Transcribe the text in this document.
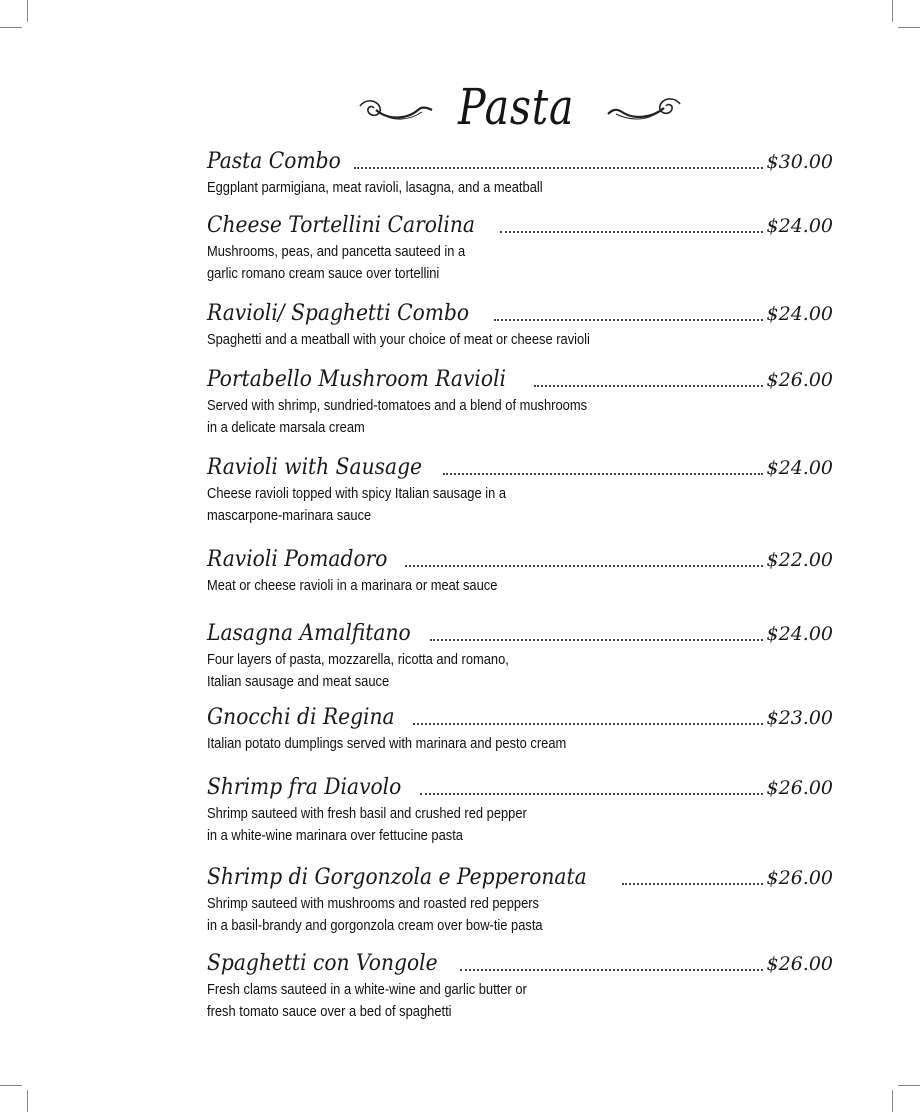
Pasta
Pasta Combo	$30.00
Eggplant parmigiana, meat ravioli, lasagna, and a meatball
Cheese Tortellini Carolina	$24.00
Mushrooms, peas, and pancetta sauteed in a
garlic romano cream sauce over tortellini
Ravioli/ Spaghetti Combo	$24.00
Spaghetti and a meatball with your choice of meat or cheese ravioli
Portabello Mushroom Ravioli	$26.00
Served with shrimp, sundried-tomatoes and a blend of mushrooms
in a delicate marsala cream
Ravioli with Sausage	$24.00
Cheese ravioli topped with spicy Italian sausage in a
mascarpone-marinara sauce
Ravioli Pomadoro	$22.00
Meat or cheese ravioli in a marinara or meat sauce
Lasagna Amalfitano	$24.00
Four layers of pasta, mozzarella, ricotta and romano,
Italian sausage and meat sauce
Gnocchi di Regina	$23.00
Italian potato dumplings served with marinara and pesto cream
Shrimp fra Diavolo	$26.00
Shrimp sauteed with fresh basil and crushed red pepper
in a white-wine marinara over fettucine pasta
Shrimp di Gorgonzola e Pepperonata	$26.00
Shrimp sauteed with mushrooms and roasted red peppers
in a basil-brandy and gorgonzola cream over bow-tie pasta
Spaghetti con Vongole	$26.00
Fresh clams sauteed in a white-wine and garlic butter or
fresh tomato sauce over a bed of spaghetti
